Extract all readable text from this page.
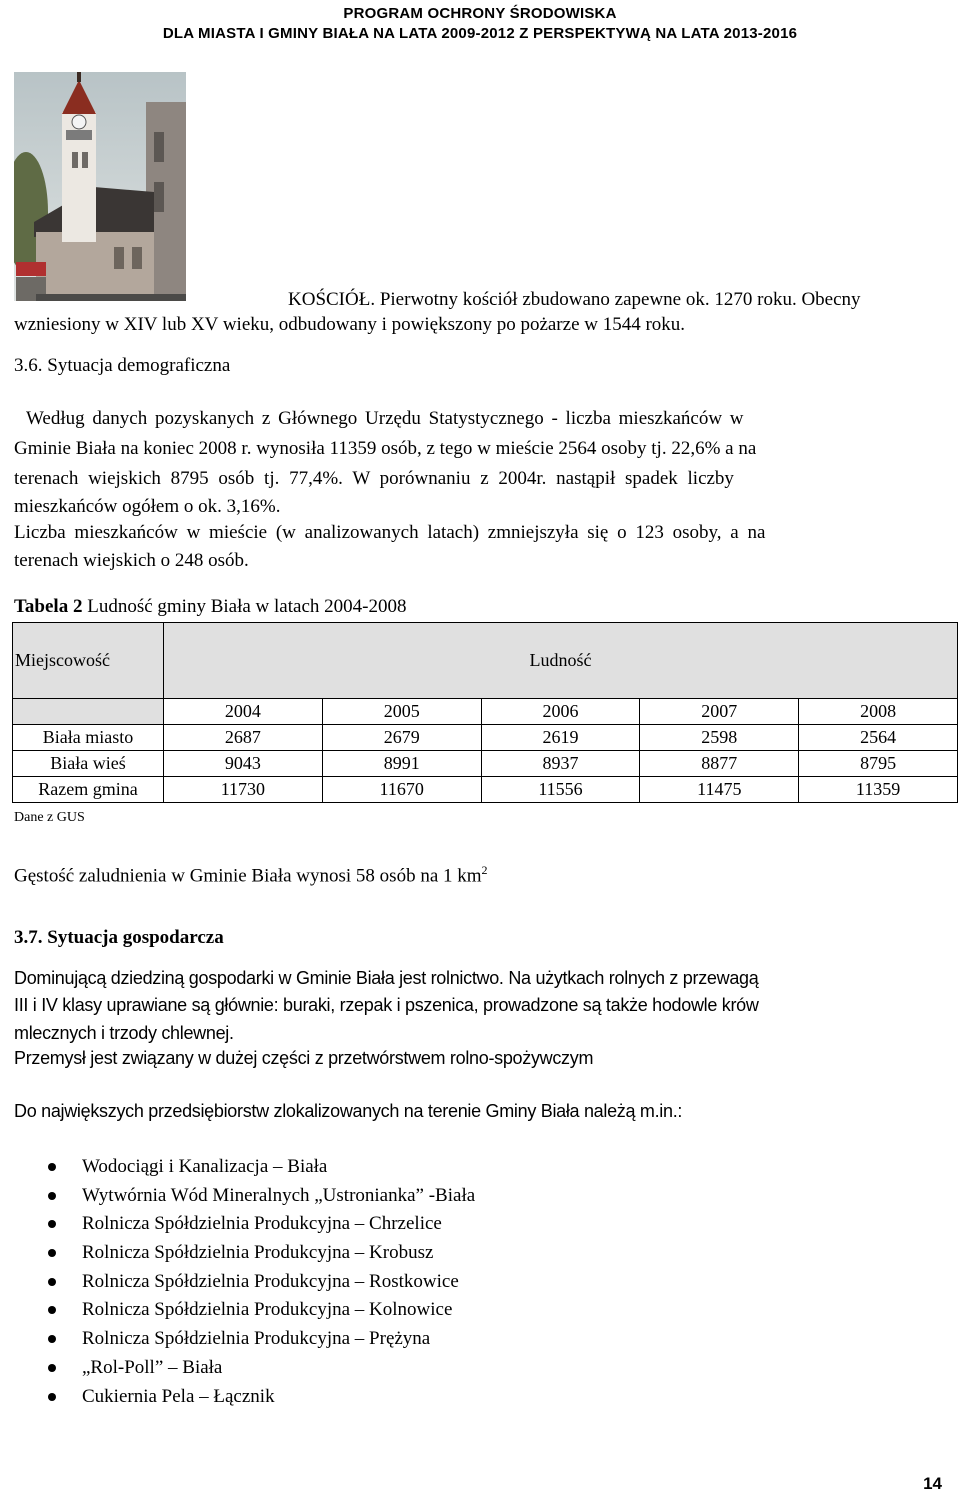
PROGRAM OCHRONY ŚRODOWISKA
DLA MIASTA I GMINY BIAŁA NA LATA 2009-2012 Z PERSPEKTYWĄ NA LATA 2013-2016
KOŚCIÓŁ. Pierwotny kościół zbudowano zapewne ok. 1270 roku. Obecny
wzniesiony w XIV lub XV wieku, odbudowany i powiększony po pożarze w 1544 roku.
3.6. Sytuacja demograficzna
Według danych pozyskanych z Głównego Urzędu Statystycznego - liczba mieszkańców w
Gminie Biała na koniec 2008 r. wynosiła 11359 osób, z tego w mieście 2564 osoby tj. 22,6% a na
terenach wiejskich 8795 osób tj. 77,4%. W porównaniu z 2004r. nastąpił spadek liczby
mieszkańców ogółem o ok. 3,16%.
Liczba mieszkańców w mieście (w analizowanych latach) zmniejszyła się o 123 osoby, a na
terenach wiejskich o 248 osób.
Tabela 2 Ludność gminy Biała w latach 2004-2008
Miejscowość	Ludność				
	2004	2005	2006	2007	2008
Biała miasto	2687	2679	2619	2598	2564
Biała wieś	9043	8991	8937	8877	8795
Razem gmina	11730	11670	11556	11475	11359
Dane z GUS
Gęstość zaludnienia w Gminie Biała wynosi 58 osób na 1 $km^2$
3.7. Sytuacja gospodarcza
Dominującą dziedziną gospodarki w Gminie Biała jest rolnictwo. Na użytkach rolnych z przewagą
III i IV klasy uprawiane są głównie: buraki, rzepak i pszenica, prowadzone są także hodowle krów
mlecznych i trzody chlewnej.
Przemysł jest związany w dużej części z przetwórstwem rolno-spożywczym
Do największych przedsiębiorstw zlokalizowanych na terenie Gminy Biała należą m.in.:
Wodociągi i Kanalizacja – Biała
Wytwórnia Wód Mineralnych „Ustronianka” -Biała
Rolnicza Spółdzielnia Produkcyjna – Chrzelice
Rolnicza Spółdzielnia Produkcyjna – Krobusz
Rolnicza Spółdzielnia Produkcyjna – Rostkowice
Rolnicza Spółdzielnia Produkcyjna – Kolnowice
Rolnicza Spółdzielnia Produkcyjna – Prężyna
„Rol-Poll” – Biała
Cukiernia Pela – Łącznik
14
